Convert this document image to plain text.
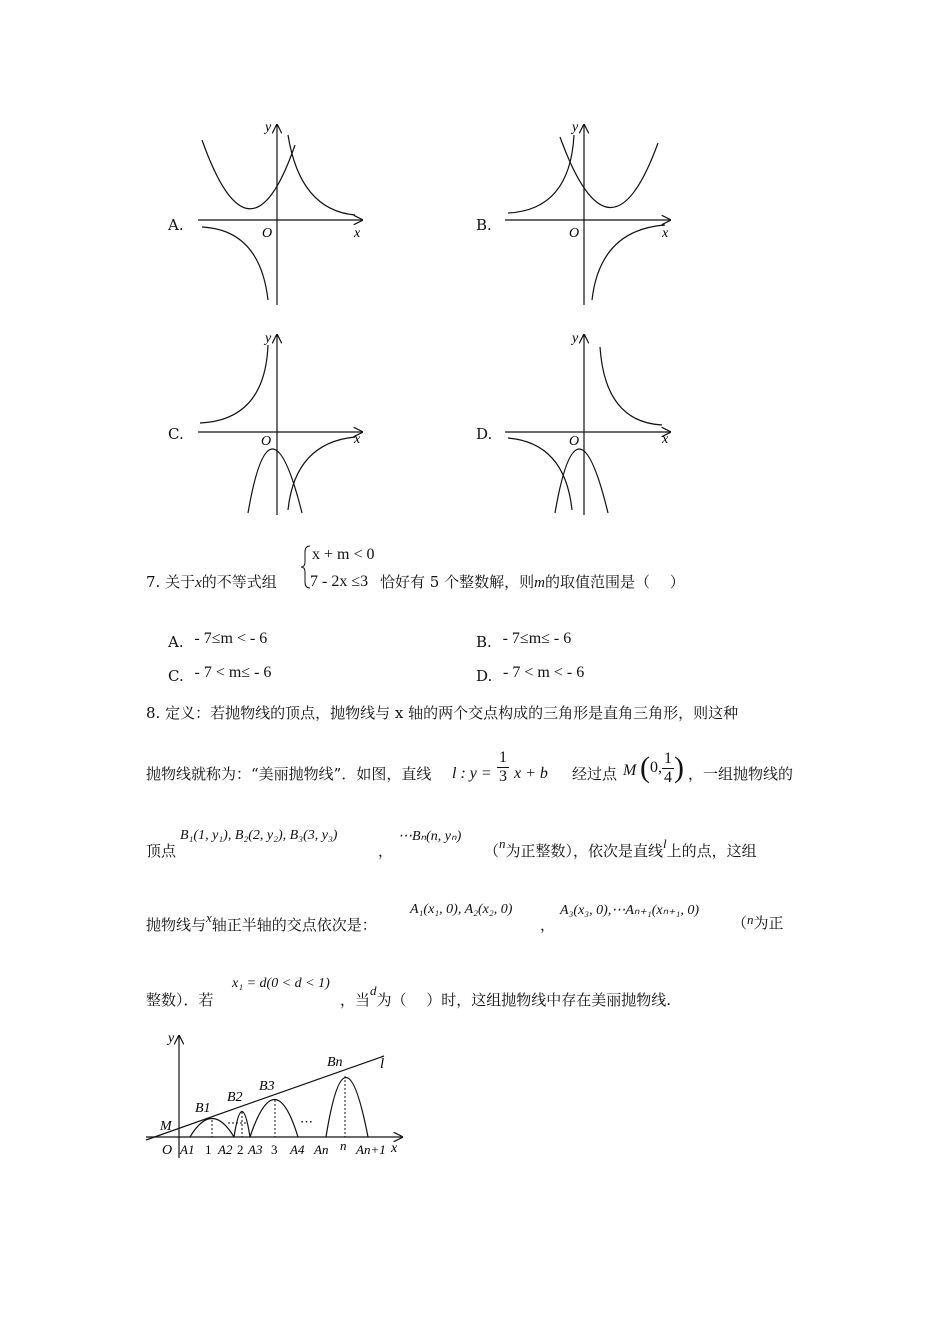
A.
y
x
O	B.
y
x
O
C.
y
x
O	D.
y
x
O
7. 关于x的不等式组
x + m < 0
7 - 2x ≤3 恰好有 5 个整数解，则m的取值范围是（　 ）
A. - 7≤m < - 6	B. - 7≤m≤ - 6
C. - 7 < m≤ - 6	D. - 7 < m < - 6
8. 定义：若抛物线的顶点，抛物线与 x 轴的两个交点构成的三角形是直角三角形，则这种
抛物线就称为：“美丽抛物线”．如图，直线 l : $y = \frac{1}{3}$ x + b 经过点 M (0, $\frac{1}{4}$ ) ，一组抛物线的
顶点
B₁(1, y₁), B₂(2, y₂), B₃(3, y₃)
，
⋯Bₙ(n, yₙ)
（n为正整数），依次是直线l上的点，这组
抛物线与x轴正半轴的交点依次是：
A₁(x₁, 0), A₂(x₂, 0)
，
A₃(x₃, 0),⋯Aₙ₊₁(xₙ₊₁, 0)
（n为正
整数）．若
x₁ = d(0 < d < 1)
，当d为（　 ）时，这组抛物线中存在美丽抛物线.
y
x
O
M
l
B1
B2
B3
Bn
A1 1 A2 2 A3 3 A4
⋯
An n An+1
